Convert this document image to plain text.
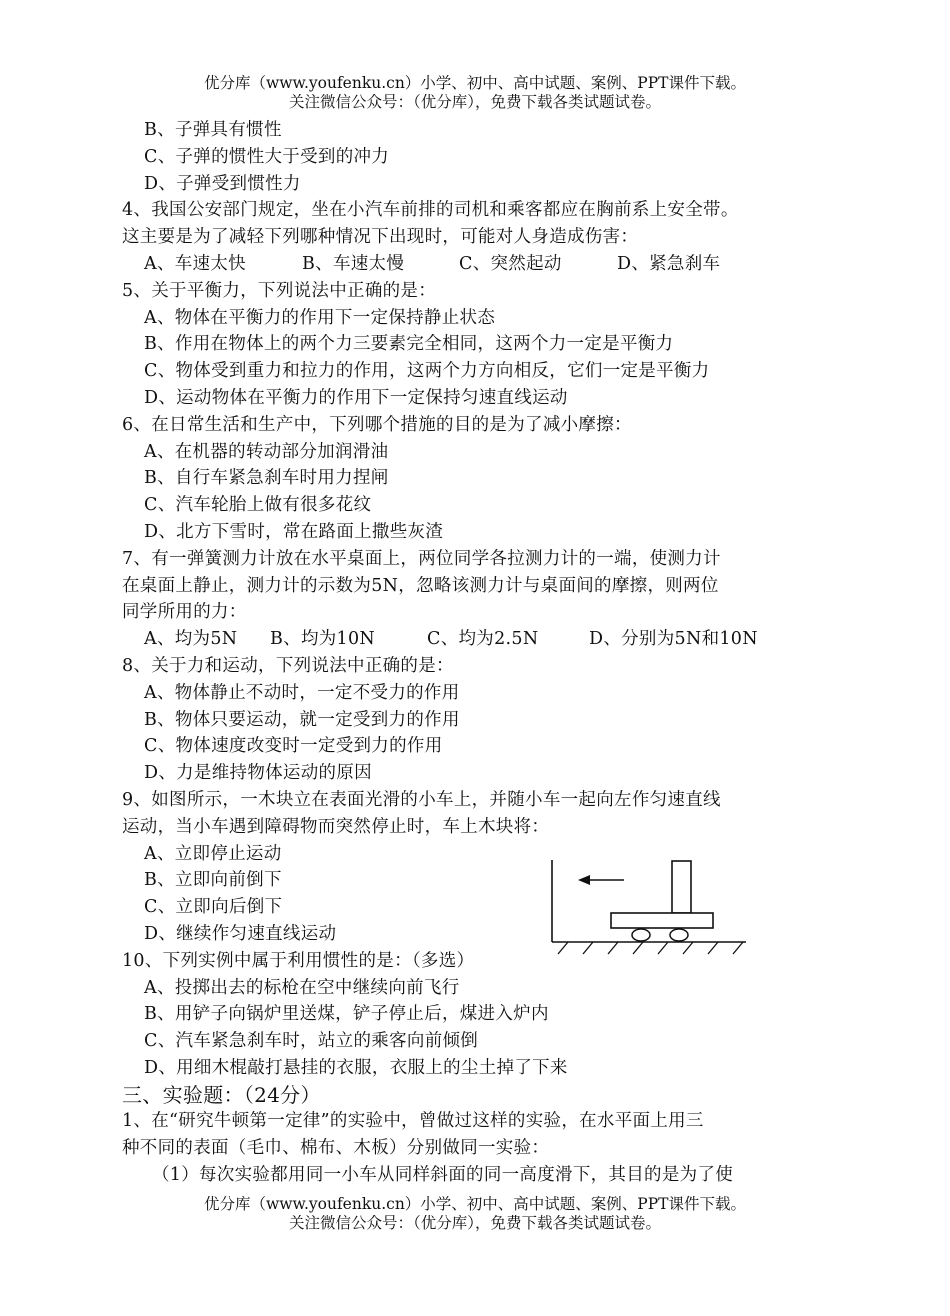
优分库（www.youfenku.cn）小学、初中、高中试题、案例、PPT课件下载。
关注微信公众号：（优分库），免费下载各类试题试卷。
B、子弹具有惯性
C、子弹的惯性大于受到的冲力
D、子弹受到惯性力
4、我国公安部门规定，坐在小汽车前排的司机和乘客都应在胸前系上安全带。
这主要是为了减轻下列哪种情况下出现时，可能对人身造成伤害：
A、车速太快	B、车速太慢	C、突然起动	D、紧急刹车
5、关于平衡力，下列说法中正确的是：
A、物体在平衡力的作用下一定保持静止状态
B、作用在物体上的两个力三要素完全相同，这两个力一定是平衡力
C、物体受到重力和拉力的作用，这两个力方向相反，它们一定是平衡力
D、运动物体在平衡力的作用下一定保持匀速直线运动
6、在日常生活和生产中，下列哪个措施的目的是为了减小摩擦：
A、在机器的转动部分加润滑油
B、自行车紧急刹车时用力捏闸
C、汽车轮胎上做有很多花纹
D、北方下雪时，常在路面上撒些灰渣
7、有一弹簧测力计放在水平桌面上，两位同学各拉测力计的一端，使测力计
在桌面上静止，测力计的示数为5N，忽略该测力计与桌面间的摩擦，则两位
同学所用的力：
A、均为5N	B、均为10N	C、均为2.5N	D、分别为5N和10N
8、关于力和运动，下列说法中正确的是：
A、物体静止不动时，一定不受力的作用
B、物体只要运动，就一定受到力的作用
C、物体速度改变时一定受到力的作用
D、力是维持物体运动的原因
9、如图所示，一木块立在表面光滑的小车上，并随小车一起向左作匀速直线
运动，当小车遇到障碍物而突然停止时，车上木块将：
A、立即停止运动
B、立即向前倒下
C、立即向后倒下
D、继续作匀速直线运动
10、下列实例中属于利用惯性的是：（多选）
A、投掷出去的标枪在空中继续向前飞行
B、用铲子向锅炉里送煤，铲子停止后，煤进入炉内
C、汽车紧急刹车时，站立的乘客向前倾倒
D、用细木棍敲打悬挂的衣服，衣服上的尘土掉了下来
三、实验题：（24分）
1、在“研究牛顿第一定律”的实验中，曾做过这样的实验，在水平面上用三
种不同的表面（毛巾、棉布、木板）分别做同一实验：
（1）每次实验都用同一小车从同样斜面的同一高度滑下，其目的是为了使
优分库（www.youfenku.cn）小学、初中、高中试题、案例、PPT课件下载。
关注微信公众号：（优分库），免费下载各类试题试卷。
